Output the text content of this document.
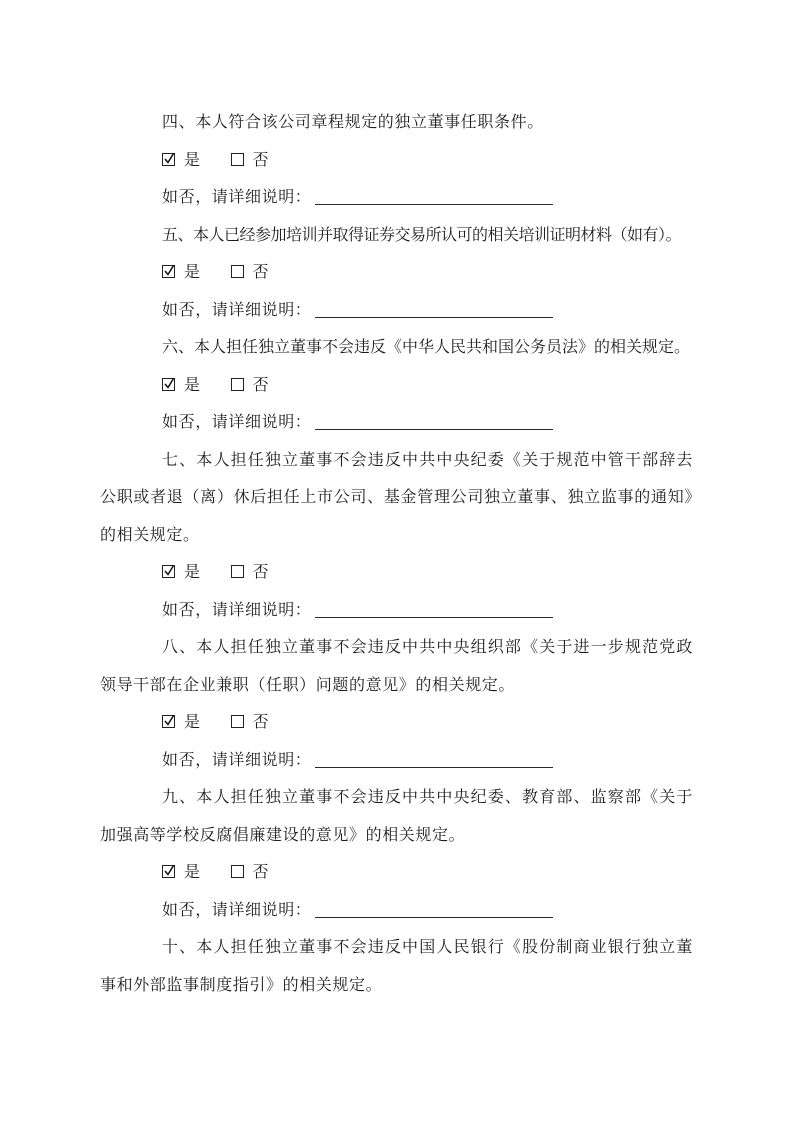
四、本人符合该公司章程规定的独立董事任职条件。

是	否
如否，请详细说明：

五、本人已经参加培训并取得证券交易所认可的相关培训证明材料（如有）。

是	否
如否，请详细说明：

六、本人担任独立董事不会违反《中华人民共和国公务员法》的相关规定。

是	否
如否，请详细说明：

七、本人担任独立董事不会违反中共中央纪委《关于规范中管干部辞去公职或者退（离）休后担任上市公司、基金管理公司独立董事、独立监事的通知》的相关规定。

是	否
如否，请详细说明：

八、本人担任独立董事不会违反中共中央组织部《关于进一步规范党政领导干部在企业兼职（任职）问题的意见》的相关规定。

是	否
如否，请详细说明：

九、本人担任独立董事不会违反中共中央纪委、教育部、监察部《关于加强高等学校反腐倡廉建设的意见》的相关规定。

是	否
如否，请详细说明：

十、本人担任独立董事不会违反中国人民银行《股份制商业银行独立董事和外部监事制度指引》的相关规定。
